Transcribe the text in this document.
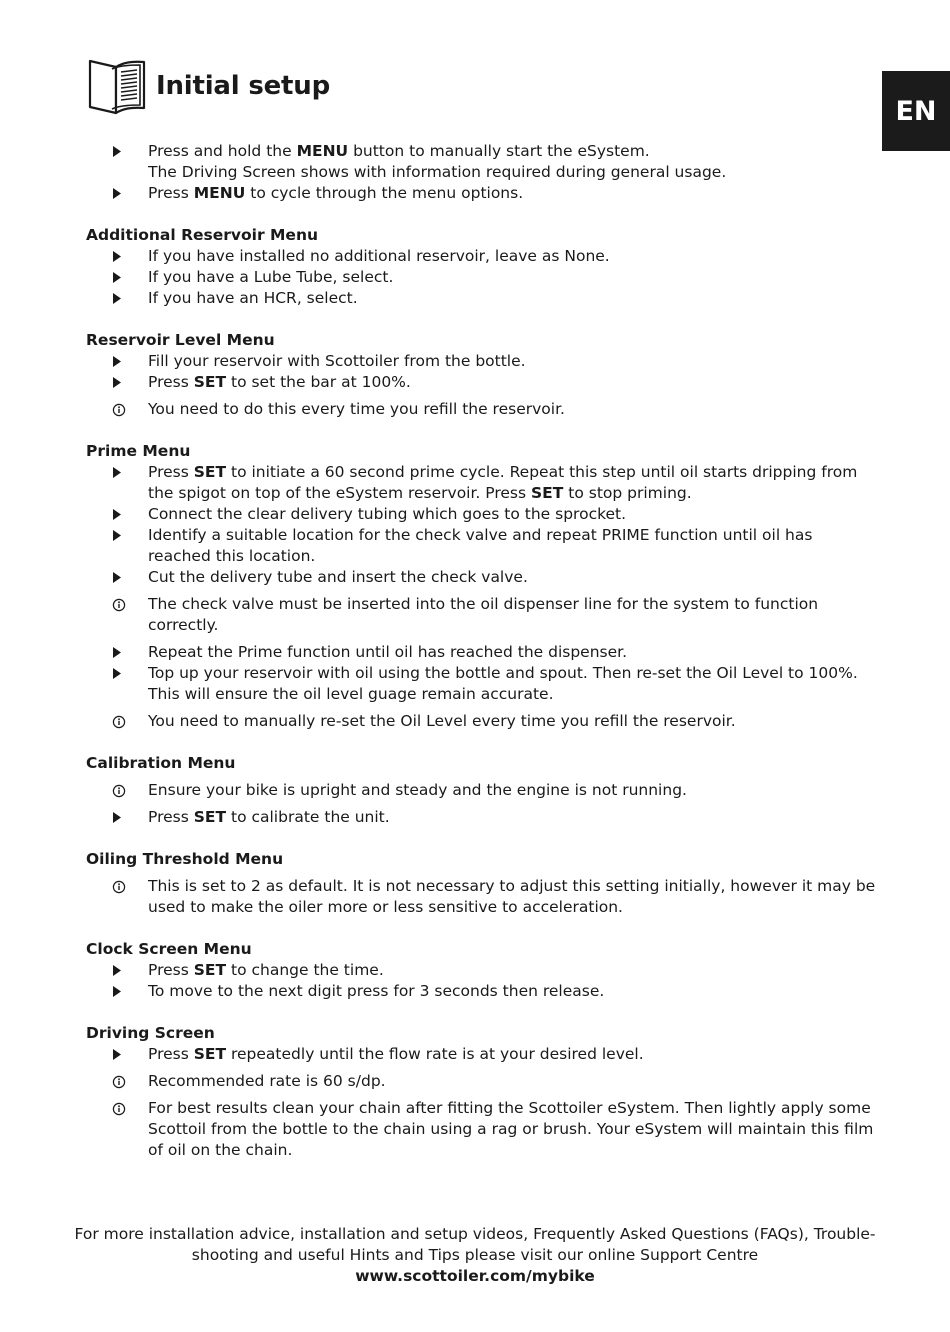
Initial setup
EN
Press and hold the MENU button to manually start the eSystem.
The Driving Screen shows with information required during general usage.
Press MENU to cycle through the menu options.
Additional Reservoir Menu
If you have installed no additional reservoir, leave as None.
If you have a Lube Tube, select.
If you have an HCR, select.
Reservoir Level Menu
Fill your reservoir with Scottoiler from the bottle.
Press SET to set the bar at 100%.
You need to do this every time you refill the reservoir.
Prime Menu
Press SET to initiate a 60 second prime cycle. Repeat this step until oil starts dripping from the spigot on top of the eSystem reservoir. Press SET to stop priming.
Connect the clear delivery tubing which goes to the sprocket.
Identify a suitable location for the check valve and repeat PRIME function until oil has reached this location.
Cut the delivery tube and insert the check valve.
The check valve must be inserted into the oil dispenser line for the system to function correctly.
Repeat the Prime function until oil has reached the dispenser.
Top up your reservoir with oil using the bottle and spout. Then re-set the Oil Level to 100%. This will ensure the oil level guage remain accurate.
You need to manually re-set the Oil Level every time you refill the reservoir.
Calibration Menu
Ensure your bike is upright and steady and the engine is not running.
Press SET to calibrate the unit.
Oiling Threshold Menu
This is set to 2 as default. It is not necessary to adjust this setting initially, however it may be used to make the oiler more or less sensitive to acceleration.
Clock Screen Menu
Press SET to change the time.
To move to the next digit press for 3 seconds then release.
Driving Screen
Press SET repeatedly until the flow rate is at your desired level.
Recommended rate is 60 s/dp.
For best results clean your chain after fitting the Scottoiler eSystem. Then lightly apply some Scottoil from the bottle to the chain using a rag or brush. Your eSystem will maintain this film of oil on the chain.
For more installation advice, installation and setup videos, Frequently Asked Questions (FAQs), Trouble-
shooting and useful Hints and Tips please visit our online Support Centre
www.scottoiler.com/mybike
